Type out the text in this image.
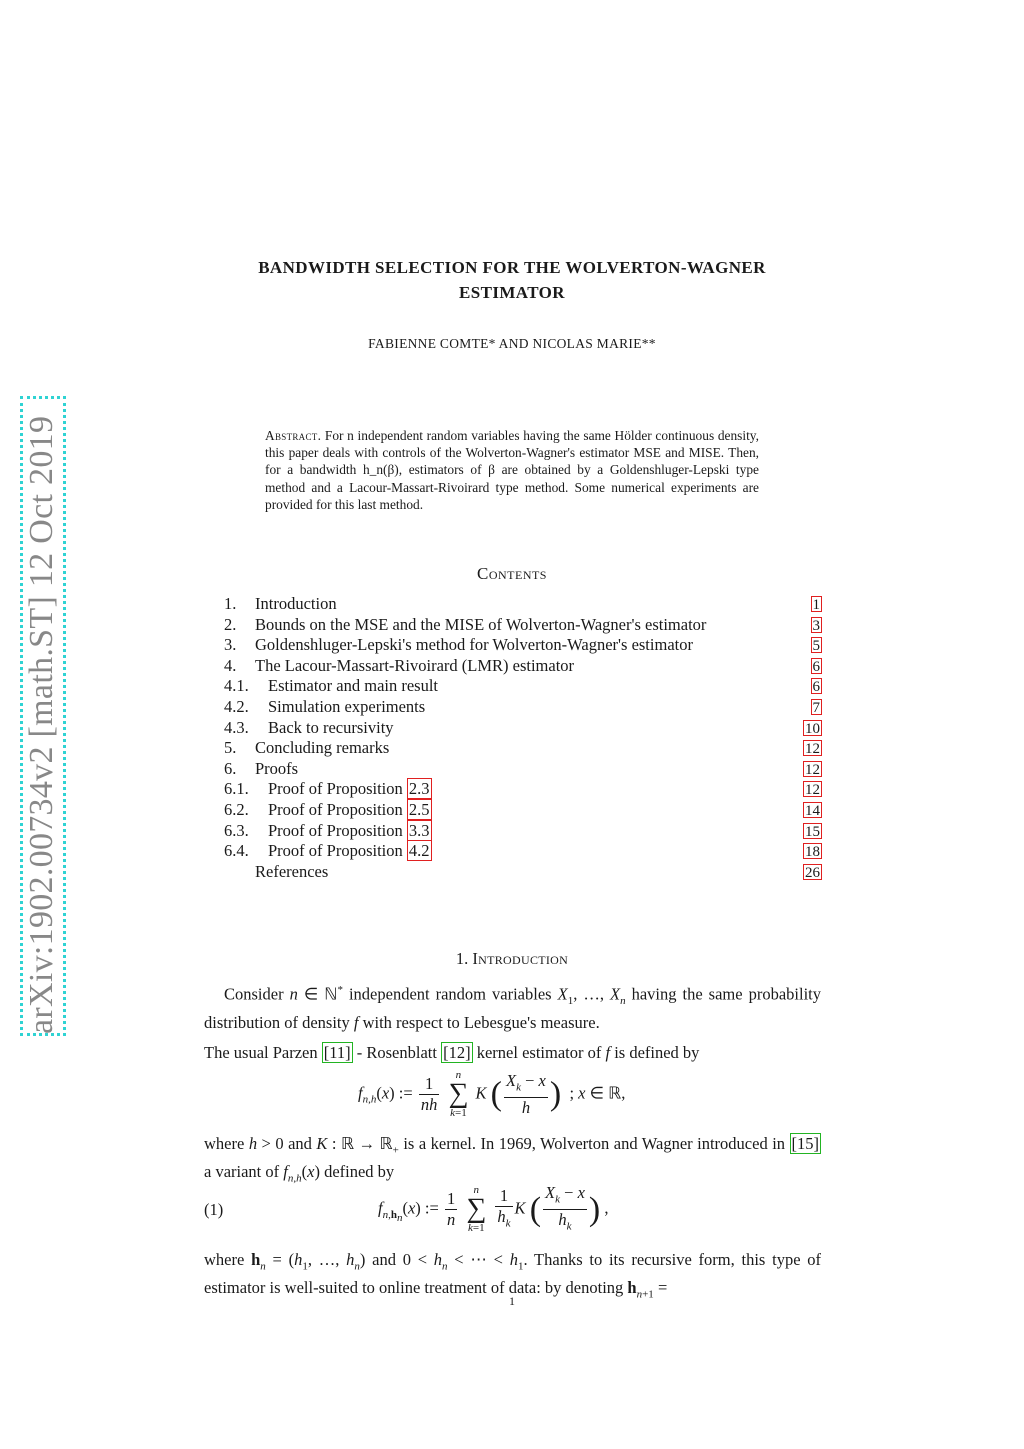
arXiv:1902.00734v2 [math.ST] 12 Oct 2019
BANDWIDTH SELECTION FOR THE WOLVERTON-WAGNER
ESTIMATOR
FABIENNE COMTE* AND NICOLAS MARIE**
Abstract. For n independent random variables having the same Hölder continuous density, this paper deals with controls of the Wolverton-Wagner's estimator MSE and MISE. Then, for a bandwidth h_n(β), estimators of β are obtained by a Goldenshluger-Lepski type method and a Lacour-Massart-Rivoirard type method. Some numerical experiments are provided for this last method.
Contents
1. Introduction	1
2. Bounds on the MSE and the MISE of Wolverton-Wagner's estimator	3
3. Goldenshluger-Lepski's method for Wolverton-Wagner's estimator	5
4. The Lacour-Massart-Rivoirard (LMR) estimator	6
4.1. Estimator and main result	6
4.2. Simulation experiments	7
4.3. Back to recursivity	10
5. Concluding remarks	12
6. Proofs	12
6.1. Proof of Proposition 2.3	12
6.2. Proof of Proposition 2.5	14
6.3. Proof of Proposition 3.3	15
6.4. Proof of Proposition 4.2	18
References	26
1. Introduction
Consider n ∈ ℕ* independent random variables $X_1$, …, $X_n$ having the same probability distribution of density f with respect to Lebesgue's measure.
The usual Parzen [11] - Rosenblatt [12] kernel estimator of f is defined by
$f_{n,h}(x)$ := $\frac{1}{nh}$
	n
∑
k=1
K ( $\frac{X_k - x}{h}$ )  ; x ∈ ℝ,
where h > 0 and K : ℝ → ℝ$_+$ is a kernel. In 1969, Wolverton and Wagner introduced in [15] a variant of $f_{n,h}(x)$ defined by
(1)	$f_{n,h_n}(x)$ := $\frac{1}{n}$
	n
∑
k=1
$\frac{1}{h_k}$ K ( $\frac{X_k - x}{h_k}$ ) ,
where $h_n = (h_1$, …, $h_n$) and $0 < h_n$ < ⋯ < $h_1$. Thanks to its recursive form, this type of estimator is well-suited to online treatment of data: by denoting $h_{n+1}$ =
1
